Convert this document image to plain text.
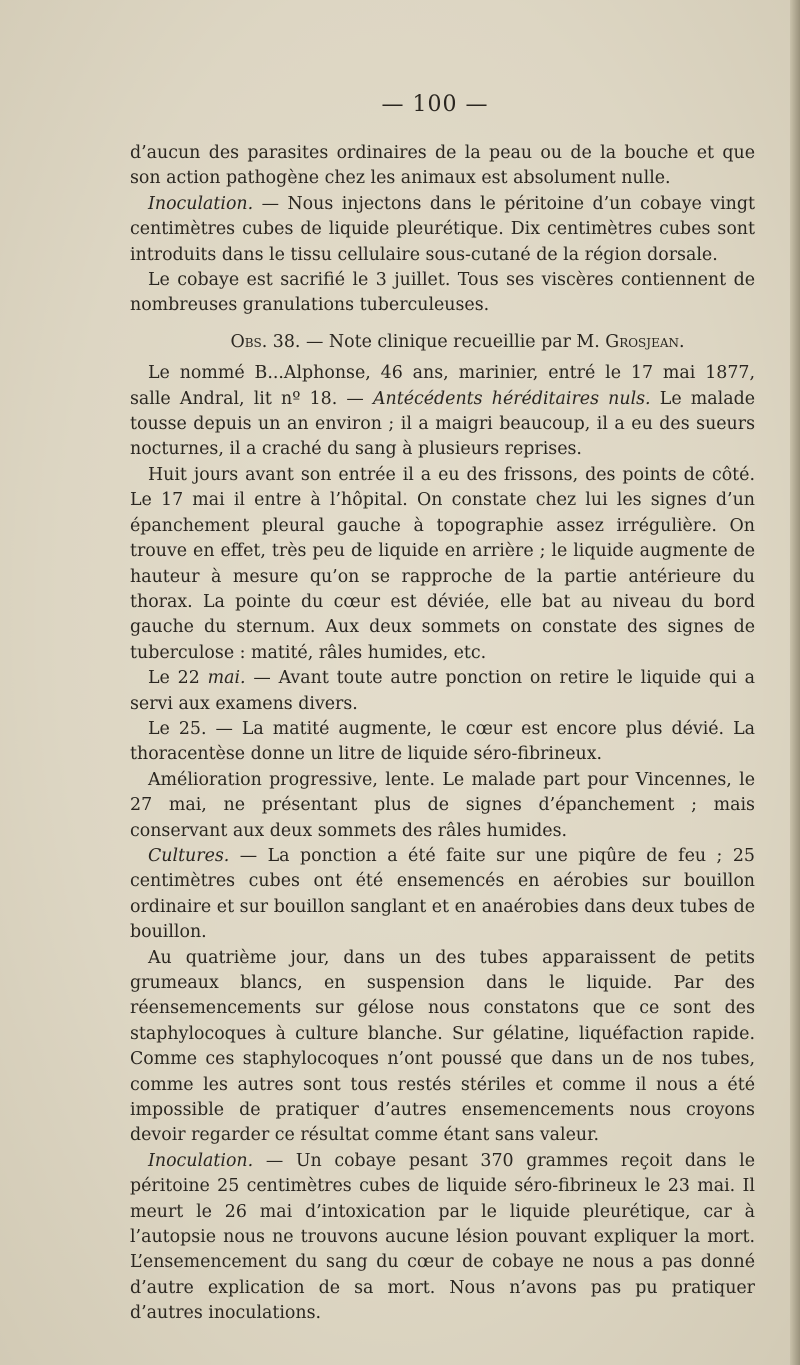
— 100 —

d’aucun des parasites ordinaires de la peau ou de la bouche et que son action pathogène chez les animaux est absolument nulle.

Inoculation. — Nous injectons dans le péritoine d’un cobaye vingt centimètres cubes de liquide pleurétique. Dix centimètres cubes sont introduits dans le tissu cellulaire sous-cutané de la région dorsale.

Le cobaye est sacrifié le 3 juillet. Tous ses viscères contiennent de nombreuses granulations tuberculeuses.

Obs. 38. — Note clinique recueillie par M. Grosjean.

Le nommé B...Alphonse, 46 ans, marinier, entré le 17 mai 1877, salle Andral, lit nº 18. — Antécédents héréditaires nuls. Le malade tousse depuis un an environ ; il a maigri beaucoup, il a eu des sueurs nocturnes, il a craché du sang à plusieurs reprises.

Huit jours avant son entrée il a eu des frissons, des points de côté. Le 17 mai il entre à l’hôpital. On constate chez lui les signes d’un épanchement pleural gauche à topographie assez irrégulière. On trouve en effet, très peu de liquide en arrière ; le liquide augmente de hauteur à mesure qu’on se rapproche de la partie antérieure du thorax. La pointe du cœur est déviée, elle bat au niveau du bord gauche du sternum. Aux deux sommets on constate des signes de tuberculose : matité, râles humides, etc.

Le 22 mai. — Avant toute autre ponction on retire le liquide qui a servi aux examens divers.

Le 25. — La matité augmente, le cœur est encore plus dévié. La thoracentèse donne un litre de liquide séro-fibrineux.

Amélioration progressive, lente. Le malade part pour Vincennes, le 27 mai, ne présentant plus de signes d’épanchement ; mais conservant aux deux sommets des râles humides.

Cultures. — La ponction a été faite sur une piqûre de feu ; 25 centimètres cubes ont été ensemencés en aérobies sur bouillon ordinaire et sur bouillon sanglant et en anaérobies dans deux tubes de bouillon.

Au quatrième jour, dans un des tubes apparaissent de petits grumeaux blancs, en suspension dans le liquide. Par des réensemencements sur gélose nous constatons que ce sont des staphylocoques à culture blanche. Sur gélatine, liquéfaction rapide. Comme ces staphylocoques n’ont poussé que dans un de nos tubes, comme les autres sont tous restés stériles et comme il nous a été impossible de pratiquer d’autres ensemencements nous croyons devoir regarder ce résultat comme étant sans valeur.

Inoculation. — Un cobaye pesant 370 grammes reçoit dans le péritoine 25 centimètres cubes de liquide séro-fibrineux le 23 mai. Il meurt le 26 mai d’intoxication par le liquide pleurétique, car à l’autopsie nous ne trouvons aucune lésion pouvant expliquer la mort. L’ensemencement du sang du cœur de cobaye ne nous a pas donné d’autre explication de sa mort. Nous n’avons pas pu pratiquer d’autres inoculations.
